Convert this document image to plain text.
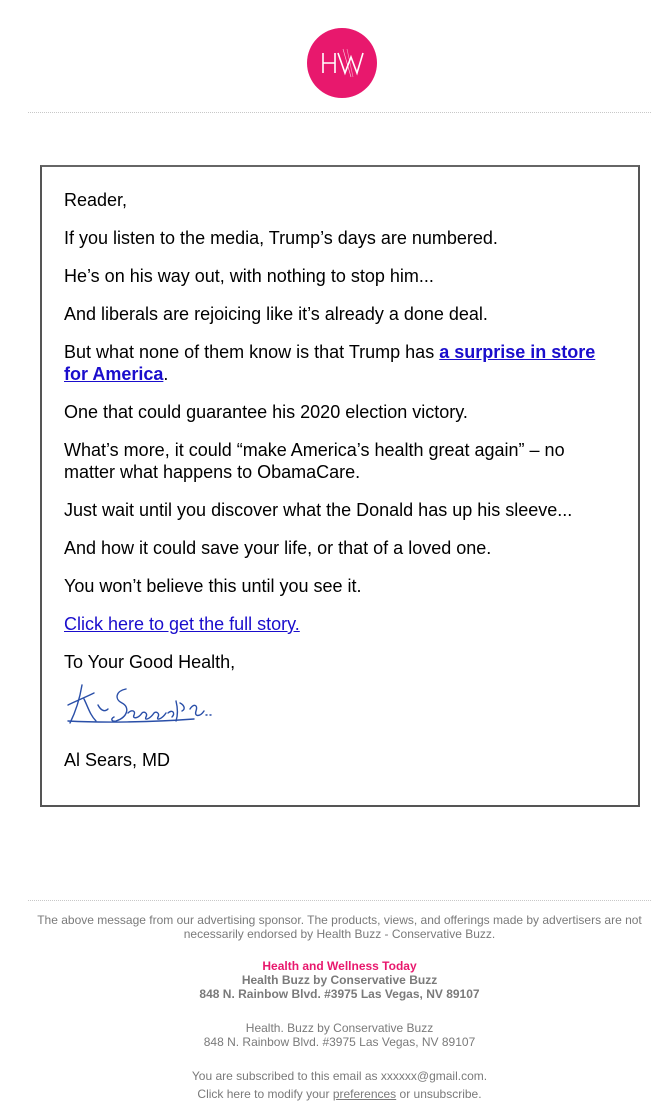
Reader,

If you listen to the media, Trump’s days are numbered.

He’s on his way out, with nothing to stop him...

And liberals are rejoicing like it’s already a done deal.

But what none of them know is that Trump has a surprise in store for America.

One that could guarantee his 2020 election victory.

What’s more, it could “make America’s health great again” – no matter what happens to ObamaCare.

Just wait until you discover what the Donald has up his sleeve...

And how it could save your life, or that of a loved one.

You won’t believe this until you see it.

Click here to get the full story.

To Your Good Health,

Al Sears, MD

The above message from our advertising sponsor. The products, views, and offerings made by advertisers are not necessarily endorsed by Health Buzz - Conservative Buzz.

Health and Wellness Today

Health Buzz by Conservative Buzz

848 N. Rainbow Blvd. #3975 Las Vegas, NV 89107

Health. Buzz by Conservative Buzz

848 N. Rainbow Blvd. #3975 Las Vegas, NV 89107

You are subscribed to this email as xxxxxx@gmail.com.

Click here to modify your preferences or unsubscribe.
